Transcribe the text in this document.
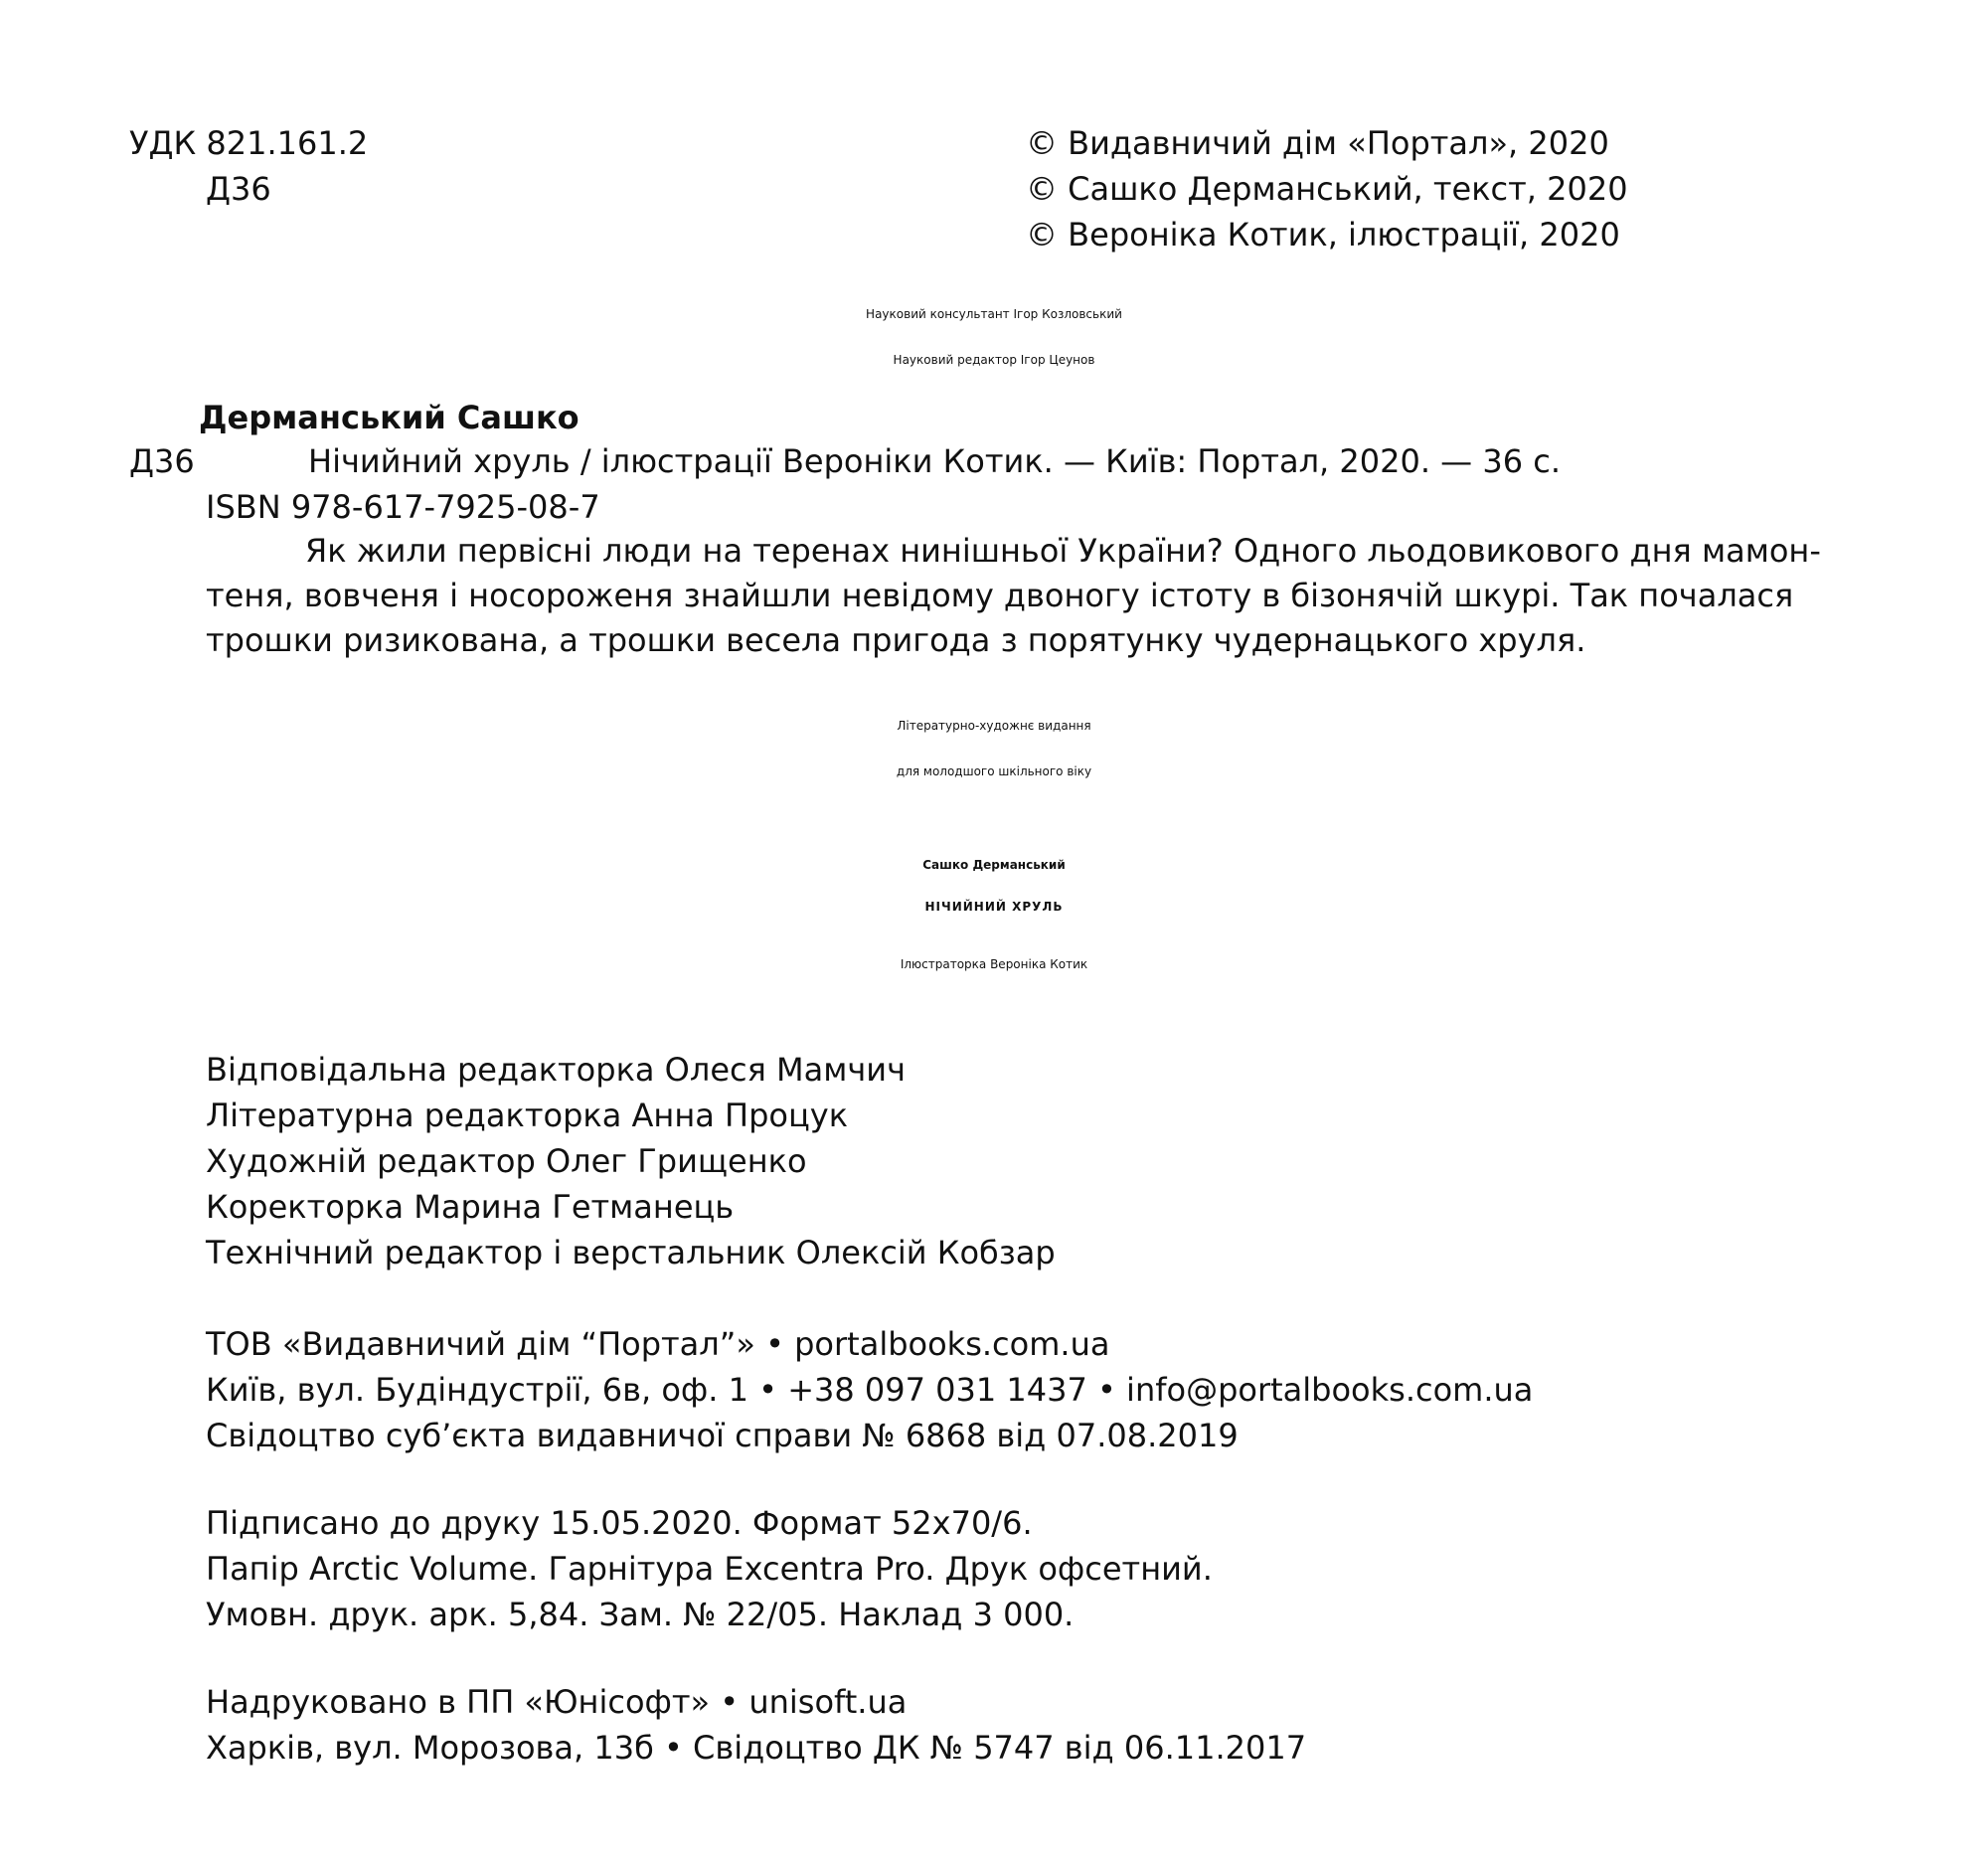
УДК 821.161.2
Д36
© Видавничий дім «Портал», 2020
© Сашко Дерманський, текст, 2020
© Вероніка Котик, ілюстрації, 2020
Науковий консультант Ігор Козловський
Науковий редактор Ігор Цеунов
Дерманський Сашко
Д36	Нічийний хруль / ілюстрації Вероніки Котик. — Київ: Портал, 2020. — 36 с.
ISBN 978-617-7925-08-7
Як жили первісні люди на теренах нинішньої України? Одного льодовикового дня мамон-
теня, вовченя і носороженя знайшли невідому двоногу істоту в бізонячій шкурі. Так почалася
трошки ризикована, а трошки весела пригода з порятунку чудернацького хруля.
Літературно-художнє видання
для молодшого шкільного віку
Сашко Дерманський
НІЧИЙНИЙ ХРУЛЬ
Ілюстраторка Вероніка Котик
Відповідальна редакторка Олеся Мамчич
Літературна редакторка Анна Процук
Художній редактор Олег Грищенко
Коректорка Марина Гетманець
Технічний редактор і верстальник Олексій Кобзар
ТОВ «Видавничий дім “Портал”» • portalbooks.com.ua
Київ, вул. Будіндустрії, 6в, оф. 1 • +38 097 031 1437 • info@portalbooks.com.ua
Свідоцтво суб’єкта видавничої справи № 6868 від 07.08.2019
Підписано до друку 15.05.2020. Формат 52x70/6.
Папір Arctic Volume. Гарнітура Excentra Pro. Друк офсетний.
Умовн. друк. арк. 5,84. Зам. № 22/05. Наклад 3 000.
Надруковано в ПП «Юнісофт» • unisoft.ua
Харків, вул. Морозова, 13б • Свідоцтво ДК № 5747 від 06.11.2017
